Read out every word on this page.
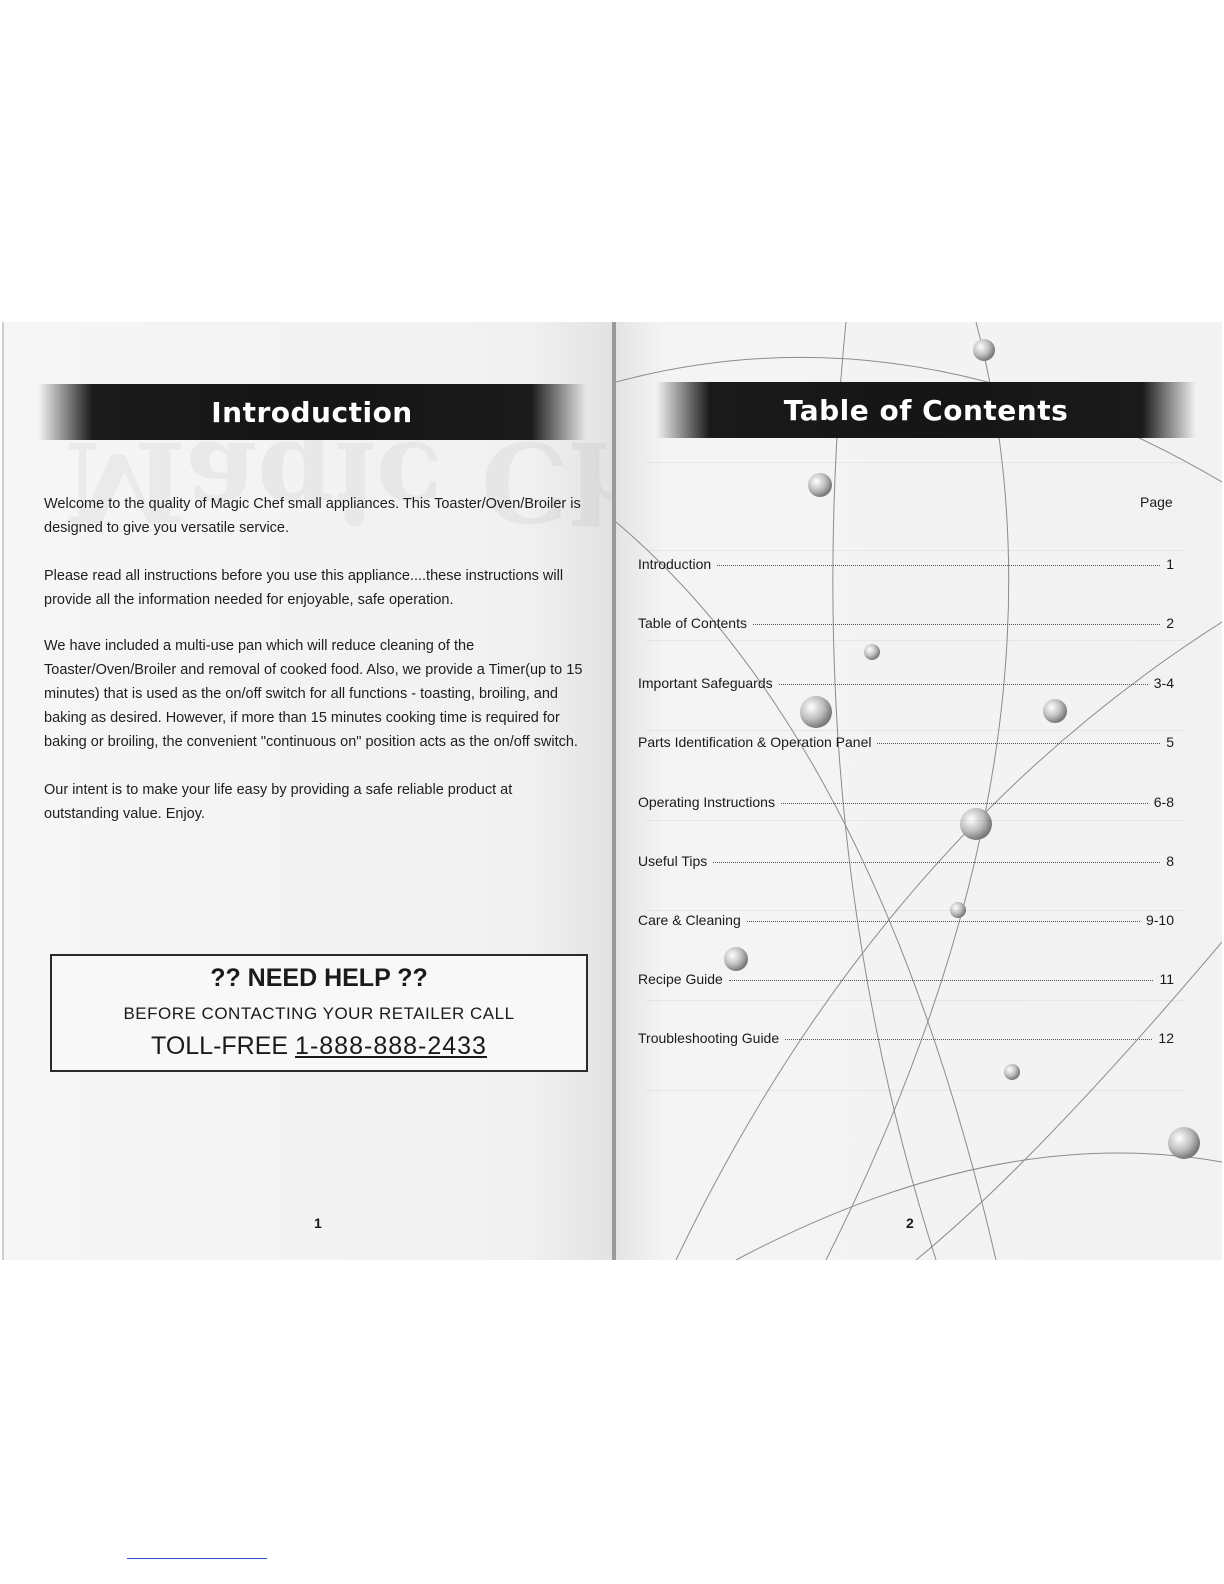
Introduction

Welcome to the quality of Magic Chef small appliances. This Toaster/Oven/Broiler is designed to give you versatile service.

Please read all instructions before you use this appliance....these instructions will provide all the information needed for enjoyable, safe operation.

We have included a multi-use pan which will reduce cleaning of the Toaster/Oven/Broiler and removal of cooked food. Also, we provide a Timer(up to 15 minutes) that is used as the on/off switch for all functions - toasting, broiling, and baking as desired. However, if more than 15 minutes cooking time is required for baking or broiling, the convenient "continuous on" position acts as the on/off switch.

Our intent is to make your life easy by providing a safe reliable product at outstanding value. Enjoy.

?? NEED HELP ??
BEFORE CONTACTING YOUR RETAILER CALL
TOLL-FREE 1-888-888-2433
1
Table of Contents
Page
Introduction	1
Table of Contents	2
Important Safeguards	3-4
Parts Identification & Operation Panel	5
Operating Instructions	6-8
Useful Tips	8
Care & Cleaning	9-10
Recipe Guide	11
Troubleshooting Guide	12
2
